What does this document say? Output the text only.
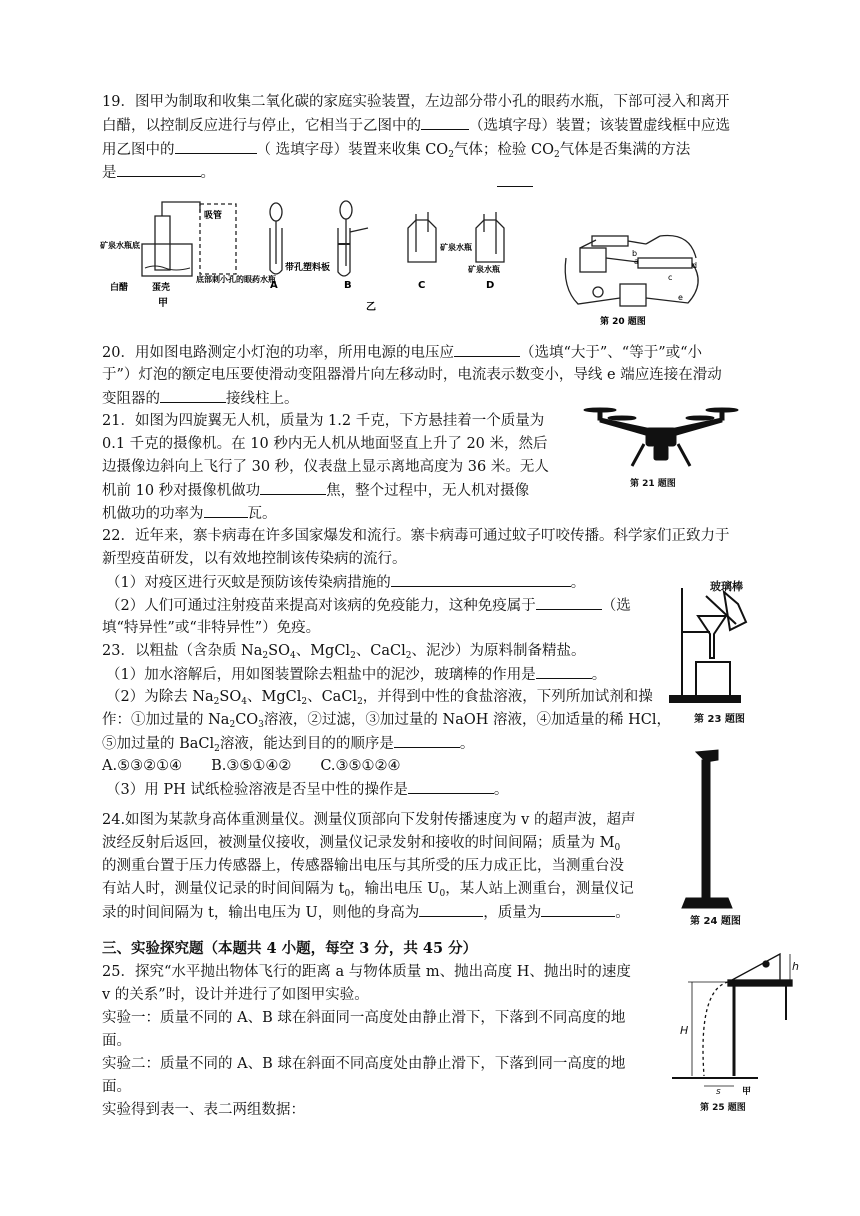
19．图甲为制取和收集二氧化碳的家庭实验装置，左边部分带小孔的眼药水瓶，下部可浸入和离开
白醋，以控制反应进行与停止，它相当于乙图中的	（选填字母）装置；该装置虚线框中应选
用乙图中的	（ 选填字母）装置来收集 $CO_2$气体；检验 $CO_2$气体是否集满的方法
是	。
吸管
矿泉水瓶底
白醋	蛋壳
底部刺小孔的眼药水瓶
甲
A
带孔塑料板
B
矿泉水瓶
C
矿泉水瓶
D
乙
a
b
c
d
e
第 20 题图
20．用如图电路测定小灯泡的功率，所用电源的电压应	（选填“大于”、“等于”或“小
于”）灯泡的额定电压要使滑动变阻器滑片向左移动时，电流表示数变小，导线 e 端应连接在滑动
变阻器的	接线柱上。
21．如图为四旋翼无人机，质量为 1.2 千克，下方悬挂着一个质量为
0.1 千克的摄像机。在 10 秒内无人机从地面竖直上升了 20 米，然后
边摄像边斜向上飞行了 30 秒，仪表盘上显示离地高度为 36 米。无人
机前 10 秒对摄像机做功	焦，整个过程中，无人机对摄像
机做功的功率为	瓦。
第 21 题图
22．近年来，寨卡病毒在许多国家爆发和流行。寨卡病毒可通过蚊子叮咬传播。科学家们正致力于
新型疫苗研发，以有效地控制该传染病的流行。
（1）对疫区进行灭蚊是预防该传染病措施的	。
（2）人们可通过注射疫苗来提高对该病的免疫能力，这种免疫属于	（选
填“特异性”或“非特异性”）免疫。
玻璃棒
第 23 题图
23．以粗盐（含杂质 $Na_2SO_4$、MgCl$_2$、CaCl$_2$、泥沙）为原料制备精盐。
（1）加水溶解后，用如图装置除去粗盐中的泥沙，玻璃棒的作用是	。
（2）为除去 $Na_2SO_4$、MgCl$_2$、CaCl$_2$，并得到中性的食盐溶液，下列所加试剂和操
作：①加过量的 $Na_2CO_3$溶液，②过滤，③加过量的 NaOH 溶液，④加适量的稀 HCl，
⑤加过量的 BaCl$_2$溶液，能达到目的的顺序是	。
A.⑤③②①④　　B.③⑤①④②　　C.③⑤①②④
（3）用 PH 试纸检验溶液是否呈中性的操作是	。
第 24 题图
24.如图为某款身高体重测量仪。测量仪顶部向下发射传播速度为 v 的超声波，超声
波经反射后返回，被测量仪接收，测量仪记录发射和接收的时间间隔；质量为 $M_0$
的测重台置于压力传感器上，传感器输出电压与其所受的压力成正比，当测重台没
有站人时，测量仪记录的时间间隔为 $t_0$，输出电压 $U_0$，某人站上测重台，测量仪记
录的时间间隔为 t，输出电压为 U，则他的身高为	，质量为	。
三、实验探究题（本题共 4 小题，每空 3 分，共 45 分）
25．探究“水平抛出物体飞行的距离 a 与物体质量 m、抛出高度 H、抛出时的速度
v 的关系”时，设计并进行了如图甲实验。
实验一：质量不同的 A、B 球在斜面同一高度处由静止滑下，下落到不同高度的地
面。
实验二：质量不同的 A、B 球在斜面不同高度处由静止滑下，下落到同一高度的地
面。
实验得到表一、表二两组数据：
h
H
s 甲
第 25 题图
